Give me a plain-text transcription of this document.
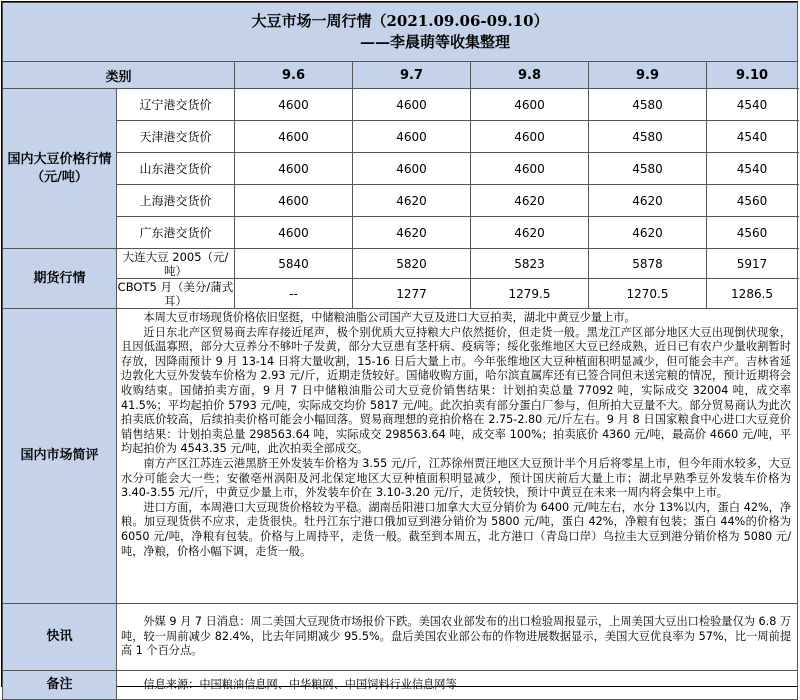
大豆市场一周行情（2021.09.06-09.10）
——李晨萌等收集整理						

类别		9.6	9.7	9.8	9.9	9.10
国内大豆价格行情（元/吨）	辽宁港交货价	4600	4600	4600	4580	4540
	天津港交货价	4600	4600	4600	4580	4540
	山东港交货价	4600	4600	4600	4580	4540
	上海港交货价	4600	4620	4620	4620	4560
	广东港交货价	4600	4620	4620	4620	4560
期货行情	大连大豆 2005（元/吨）	5840	5820	5823	5878	5917
	CBOT5 月（美分/蒲式耳）	--	1277	1279.5	1270.5	1286.5
国内市场简评	本周大豆市场现货价格依旧坚挺，中储粮油脂公司国产大豆及进口大豆拍卖，湖北中黄豆少量上市。

近日东北产区贸易商去库存接近尾声，极个别优质大豆持粮大户依然挺价，但走货一般。黑龙江产区部分地区大豆出现倒伏现象，且因低温寡照，部分大豆养分不够叶子发黄，部分大豆患有茎杆病、疫病等；绥化张维地区大豆已经成熟，近日已有农户少量收割暂时存放，因降雨预计 9 月 13-14 日将大量收割，15-16 日后大量上市。今年张维地区大豆种植面积明显减少，但可能会丰产。吉林省延边敦化大豆外发装车价格为 2.93 元/斤，近期走货较好。国储收购方面，哈尔滨直属库还有已签合同但未送完粮的情况，预计近期将会收购结束。国储拍卖方面，9 月 7 日中储粮油脂公司大豆竞价销售结果：计划拍卖总量 77092 吨，实际成交 32004 吨，成交率 41.5%；平均起拍价 5793 元/吨，实际成交均价 5817 元/吨。此次拍卖有部分蛋白厂参与，但所拍大豆量不大。部分贸易商认为此次拍卖底价较高，后续拍卖价格可能会小幅回落。贸易商理想的竞拍价格在 2.75-2.80 元/斤左右。9 月 8 日国家粮食中心进口大豆竞价销售结果：计划拍卖总量 298563.64 吨，实际成交 298563.64 吨，成交率 100%；拍卖底价 4360 元/吨，最高价 4660 元/吨，平均起拍价为 4543.35 元/吨，此次拍卖全部成交。

南方产区江苏连云港黑脐王外发装车价格为 3.55 元/斤，江苏徐州贾汪地区大豆预计半个月后将零星上市，但今年雨水较多，大豆水分可能会大一些；安徽亳州涡阳及河北保定地区大豆种植面积明显减少，预计国庆前后大量上市；湖北早熟季豆外发装车价格为 3.40-3.55 元/斤，中黄豆少量上市，外发装车价在 3.10-3.20 元/斤，走货较快，预计中黄豆在未来一周内将会集中上市。

进口方面，本周港口大豆现货价格较为平稳。湖南岳阳港口加拿大大豆分销价为 6400 元/吨左右，水分 13%以内，蛋白 42%，净粮。加豆现货供不应求，走货很快。牡丹江东宁港口俄加豆到港分销价为 5800 元/吨，蛋白 42%，净粮有包装；蛋白 44%的价格为 6050 元/吨，净粮有包装。价格与上周持平，走货一般。截至到本周五，北方港口（青岛口岸）乌拉圭大豆到港分销价格为 5080 元/吨，净粮，价格小幅下调，走货一般。					

快讯	外媒 9 月 7 日消息：周二美国大豆现货市场报价下跌。美国农业部发布的出口检验周报显示，上周美国大豆出口检验量仅为 6.8 万吨，较一周前减少 82.4%，比去年同期减少 95.5%。盘后美国农业部公布的作物进展数据显示，美国大豆优良率为 57%，比一周前提高 1 个百分点。					

备注	信息来源：中国粮油信息网、中华粮网、中国饲料行业信息网等					
